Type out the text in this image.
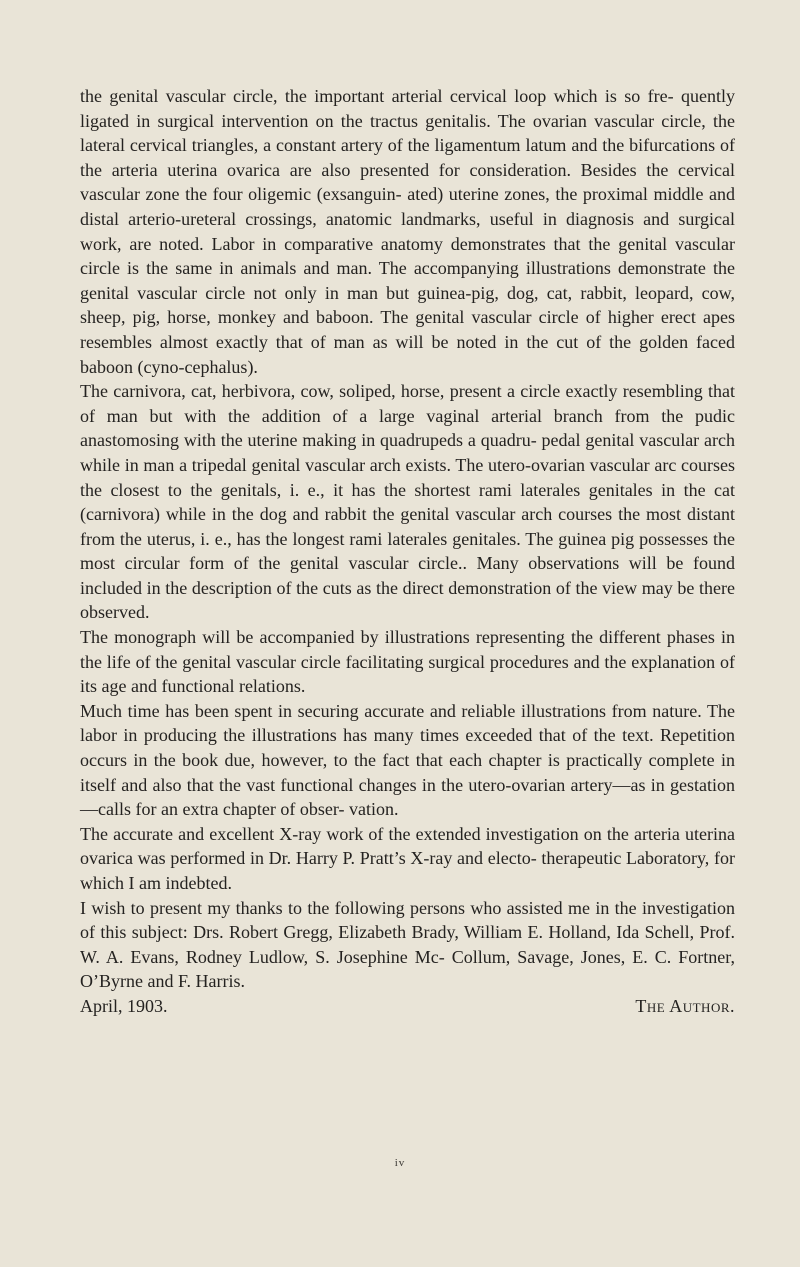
the genital vascular circle, the important arterial cervical loop which is so fre- quently ligated in surgical intervention on the tractus genitalis. The ovarian vascular circle, the lateral cervical triangles, a constant artery of the ligamentum latum and the bifurcations of the arteria uterina ovarica are also presented for consideration. Besides the cervical vascular zone the four oligemic (exsanguin- ated) uterine zones, the proximal middle and distal arterio-ureteral crossings, anatomic landmarks, useful in diagnosis and surgical work, are noted. Labor in comparative anatomy demonstrates that the genital vascular circle is the same in animals and man. The accompanying illustrations demonstrate the genital vascular circle not only in man but guinea-pig, dog, cat, rabbit, leopard, cow, sheep, pig, horse, monkey and baboon. The genital vascular circle of higher erect apes resembles almost exactly that of man as will be noted in the cut of the golden faced baboon (cyno-cephalus).

The carnivora, cat, herbivora, cow, soliped, horse, present a circle exactly resembling that of man but with the addition of a large vaginal arterial branch from the pudic anastomosing with the uterine making in quadrupeds a quadru- pedal genital vascular arch while in man a tripedal genital vascular arch exists. The utero-ovarian vascular arc courses the closest to the genitals, i. e., it has the shortest rami laterales genitales in the cat (carnivora) while in the dog and rabbit the genital vascular arch courses the most distant from the uterus, i. e., has the longest rami laterales genitales. The guinea pig possesses the most circular form of the genital vascular circle.. Many observations will be found included in the description of the cuts as the direct demonstration of the view may be there observed.

The monograph will be accompanied by illustrations representing the different phases in the life of the genital vascular circle facilitating surgical procedures and the explanation of its age and functional relations.

Much time has been spent in securing accurate and reliable illustrations from nature. The labor in producing the illustrations has many times exceeded that of the text. Repetition occurs in the book due, however, to the fact that each chapter is practically complete in itself and also that the vast functional changes in the utero-ovarian artery—as in gestation—calls for an extra chapter of obser- vation.

The accurate and excellent X-ray work of the extended investigation on the arteria uterina ovarica was performed in Dr. Harry P. Pratt’s X-ray and electo- therapeutic Laboratory, for which I am indebted.

I wish to present my thanks to the following persons who assisted me in the investigation of this subject: Drs. Robert Gregg, Elizabeth Brady, William E. Holland, Ida Schell, Prof. W. A. Evans, Rodney Ludlow, S. Josephine Mc- Collum, Savage, Jones, E. C. Fortner, O’Byrne and F. Harris.

April, 1903.	The Author.
iv
